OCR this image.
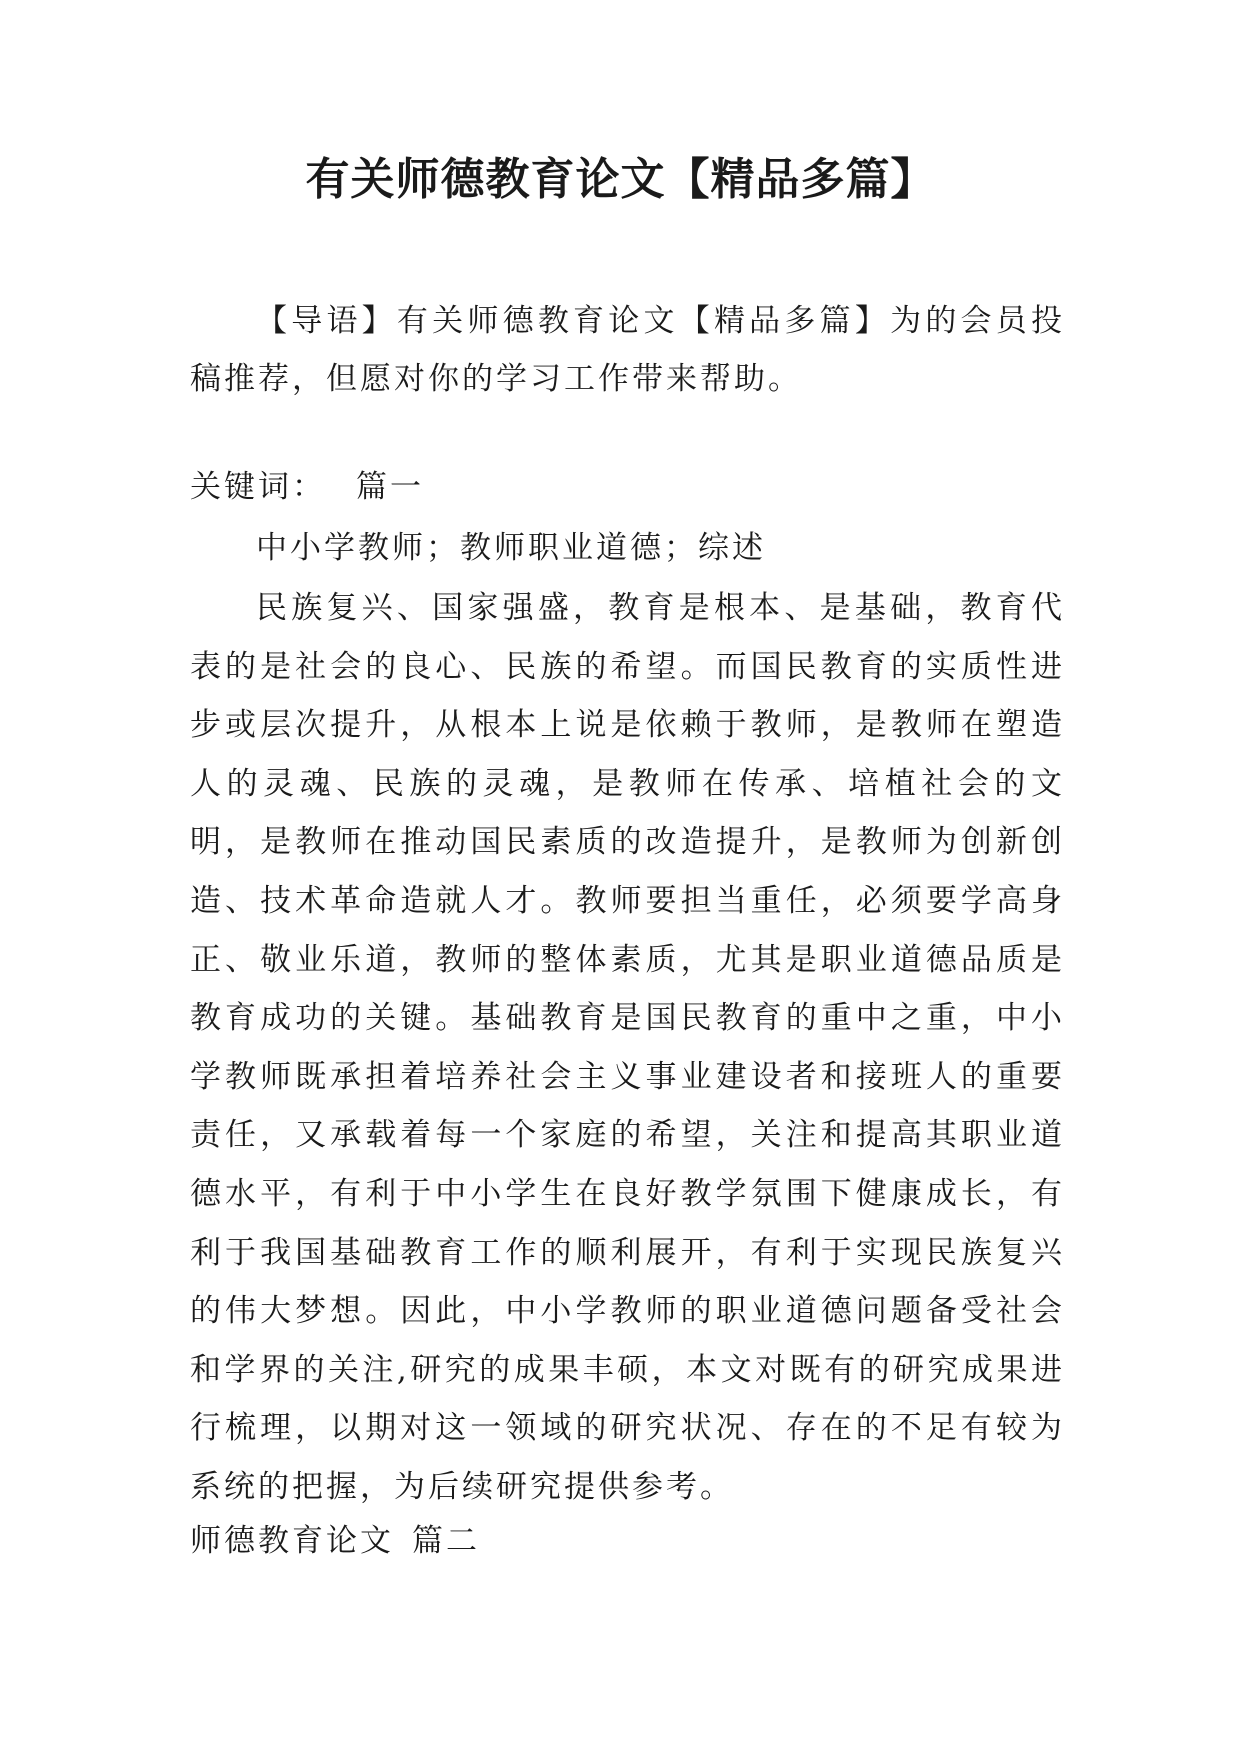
有关师德教育论文【精品多篇】

【导语】有关师德教育论文【精品多篇】为的会员投稿推荐，但愿对你的学习工作带来帮助。

关键词： 篇一

中小学教师；教师职业道德；综述

民族复兴、国家强盛，教育是根本、是基础，教育代表的是社会的良心、民族的希望。而国民教育的实质性进步或层次提升，从根本上说是依赖于教师，是教师在塑造人的灵魂、民族的灵魂，是教师在传承、培植社会的文明，是教师在推动国民素质的改造提升，是教师为创新创造、技术革命造就人才。教师要担当重任，必须要学高身正、敬业乐道，教师的整体素质，尤其是职业道德品质是教育成功的关键。基础教育是国民教育的重中之重，中小学教师既承担着培养社会主义事业建设者和接班人的重要责任，又承载着每一个家庭的希望，关注和提高其职业道德水平，有利于中小学生在良好教学氛围下健康成长，有利于我国基础教育工作的顺利展开，有利于实现民族复兴的伟大梦想。因此，中小学教师的职业道德问题备受社会和学界的关注,研究的成果丰硕，本文对既有的研究成果进行梳理，以期对这一领域的研究状况、存在的不足有较为系统的把握，为后续研究提供参考。

师德教育论文 篇二
